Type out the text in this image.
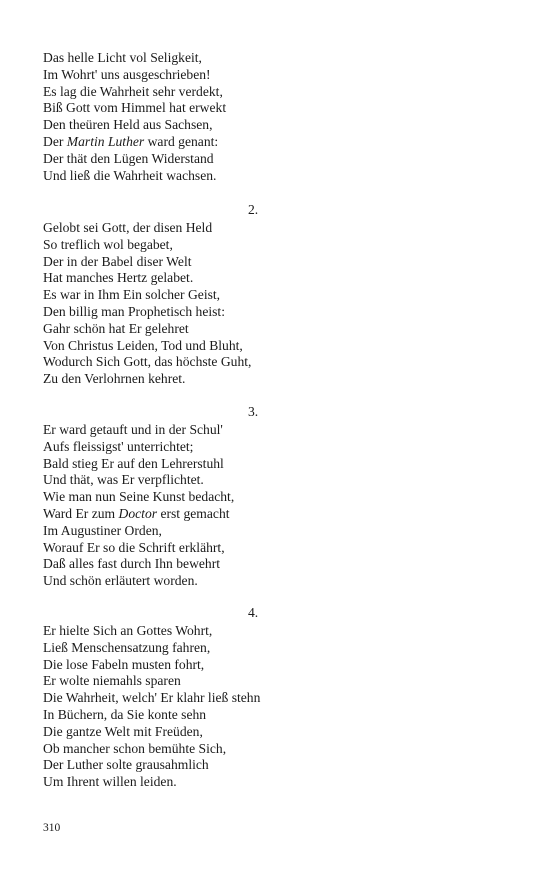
Das helle Licht vol Seligkeit,
Im Wohrt' uns ausgeschrieben!
Es lag die Wahrheit sehr verdekt,
Biß Gott vom Himmel hat erwekt
Den theüren Held aus Sachsen,
Der Martin Luther ward genant:
Der thät den Lügen Widerstand
Und ließ die Wahrheit wachsen.
2.
Gelobt sei Gott, der disen Held
So treflich wol begabet,
Der in der Babel diser Welt
Hat manches Hertz gelabet.
Es war in Ihm Ein solcher Geist,
Den billig man Prophetisch heist:
Gahr schön hat Er gelehret
Von Christus Leiden, Tod und Bluht,
Wodurch Sich Gott, das höchste Guht,
Zu den Verlohrnen kehret.
3.
Er ward getauft und in der Schul'
Aufs fleissigst' unterrichtet;
Bald stieg Er auf den Lehrerstuhl
Und thät, was Er verpflichtet.
Wie man nun Seine Kunst bedacht,
Ward Er zum Doctor erst gemacht
Im Augustiner Orden,
Worauf Er so die Schrift erklährt,
Daß alles fast durch Ihn bewehrt
Und schön erläutert worden.
4.
Er hielte Sich an Gottes Wohrt,
Ließ Menschensatzung fahren,
Die lose Fabeln musten fohrt,
Er wolte niemahls sparen
Die Wahrheit, welch' Er klahr ließ stehn
In Büchern, da Sie konte sehn
Die gantze Welt mit Freüden,
Ob mancher schon bemühte Sich,
Der Luther solte grausahmlich
Um Ihrent willen leiden.
310
